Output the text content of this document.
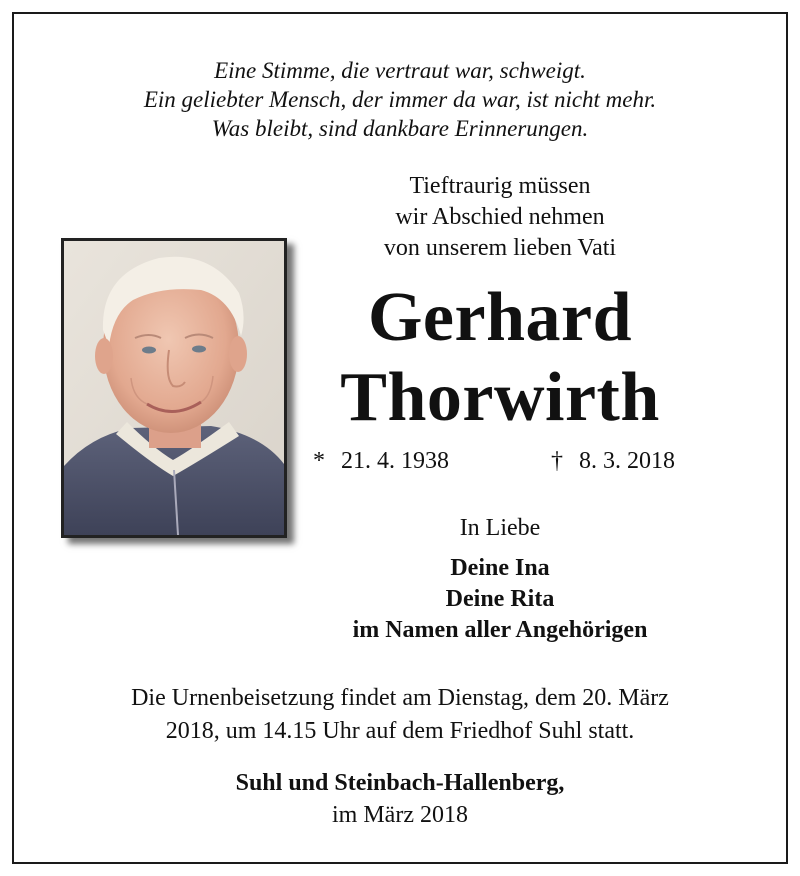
Eine Stimme, die vertraut war, schweigt.
Ein geliebter Mensch, der immer da war, ist nicht mehr.
Was bleibt, sind dankbare Erinnerungen.
Tieftraurig müssen
wir Abschied nehmen
von unserem lieben Vati
Gerhard
Thorwirth
* 21. 4. 1938	† 8. 3. 2018
In Liebe
Deine Ina
Deine Rita
im Namen aller Angehörigen
Die Urnenbeisetzung findet am Dienstag, dem 20. März
2018, um 14.15 Uhr auf dem Friedhof Suhl statt.
Suhl und Steinbach-Hallenberg,
im März 2018
